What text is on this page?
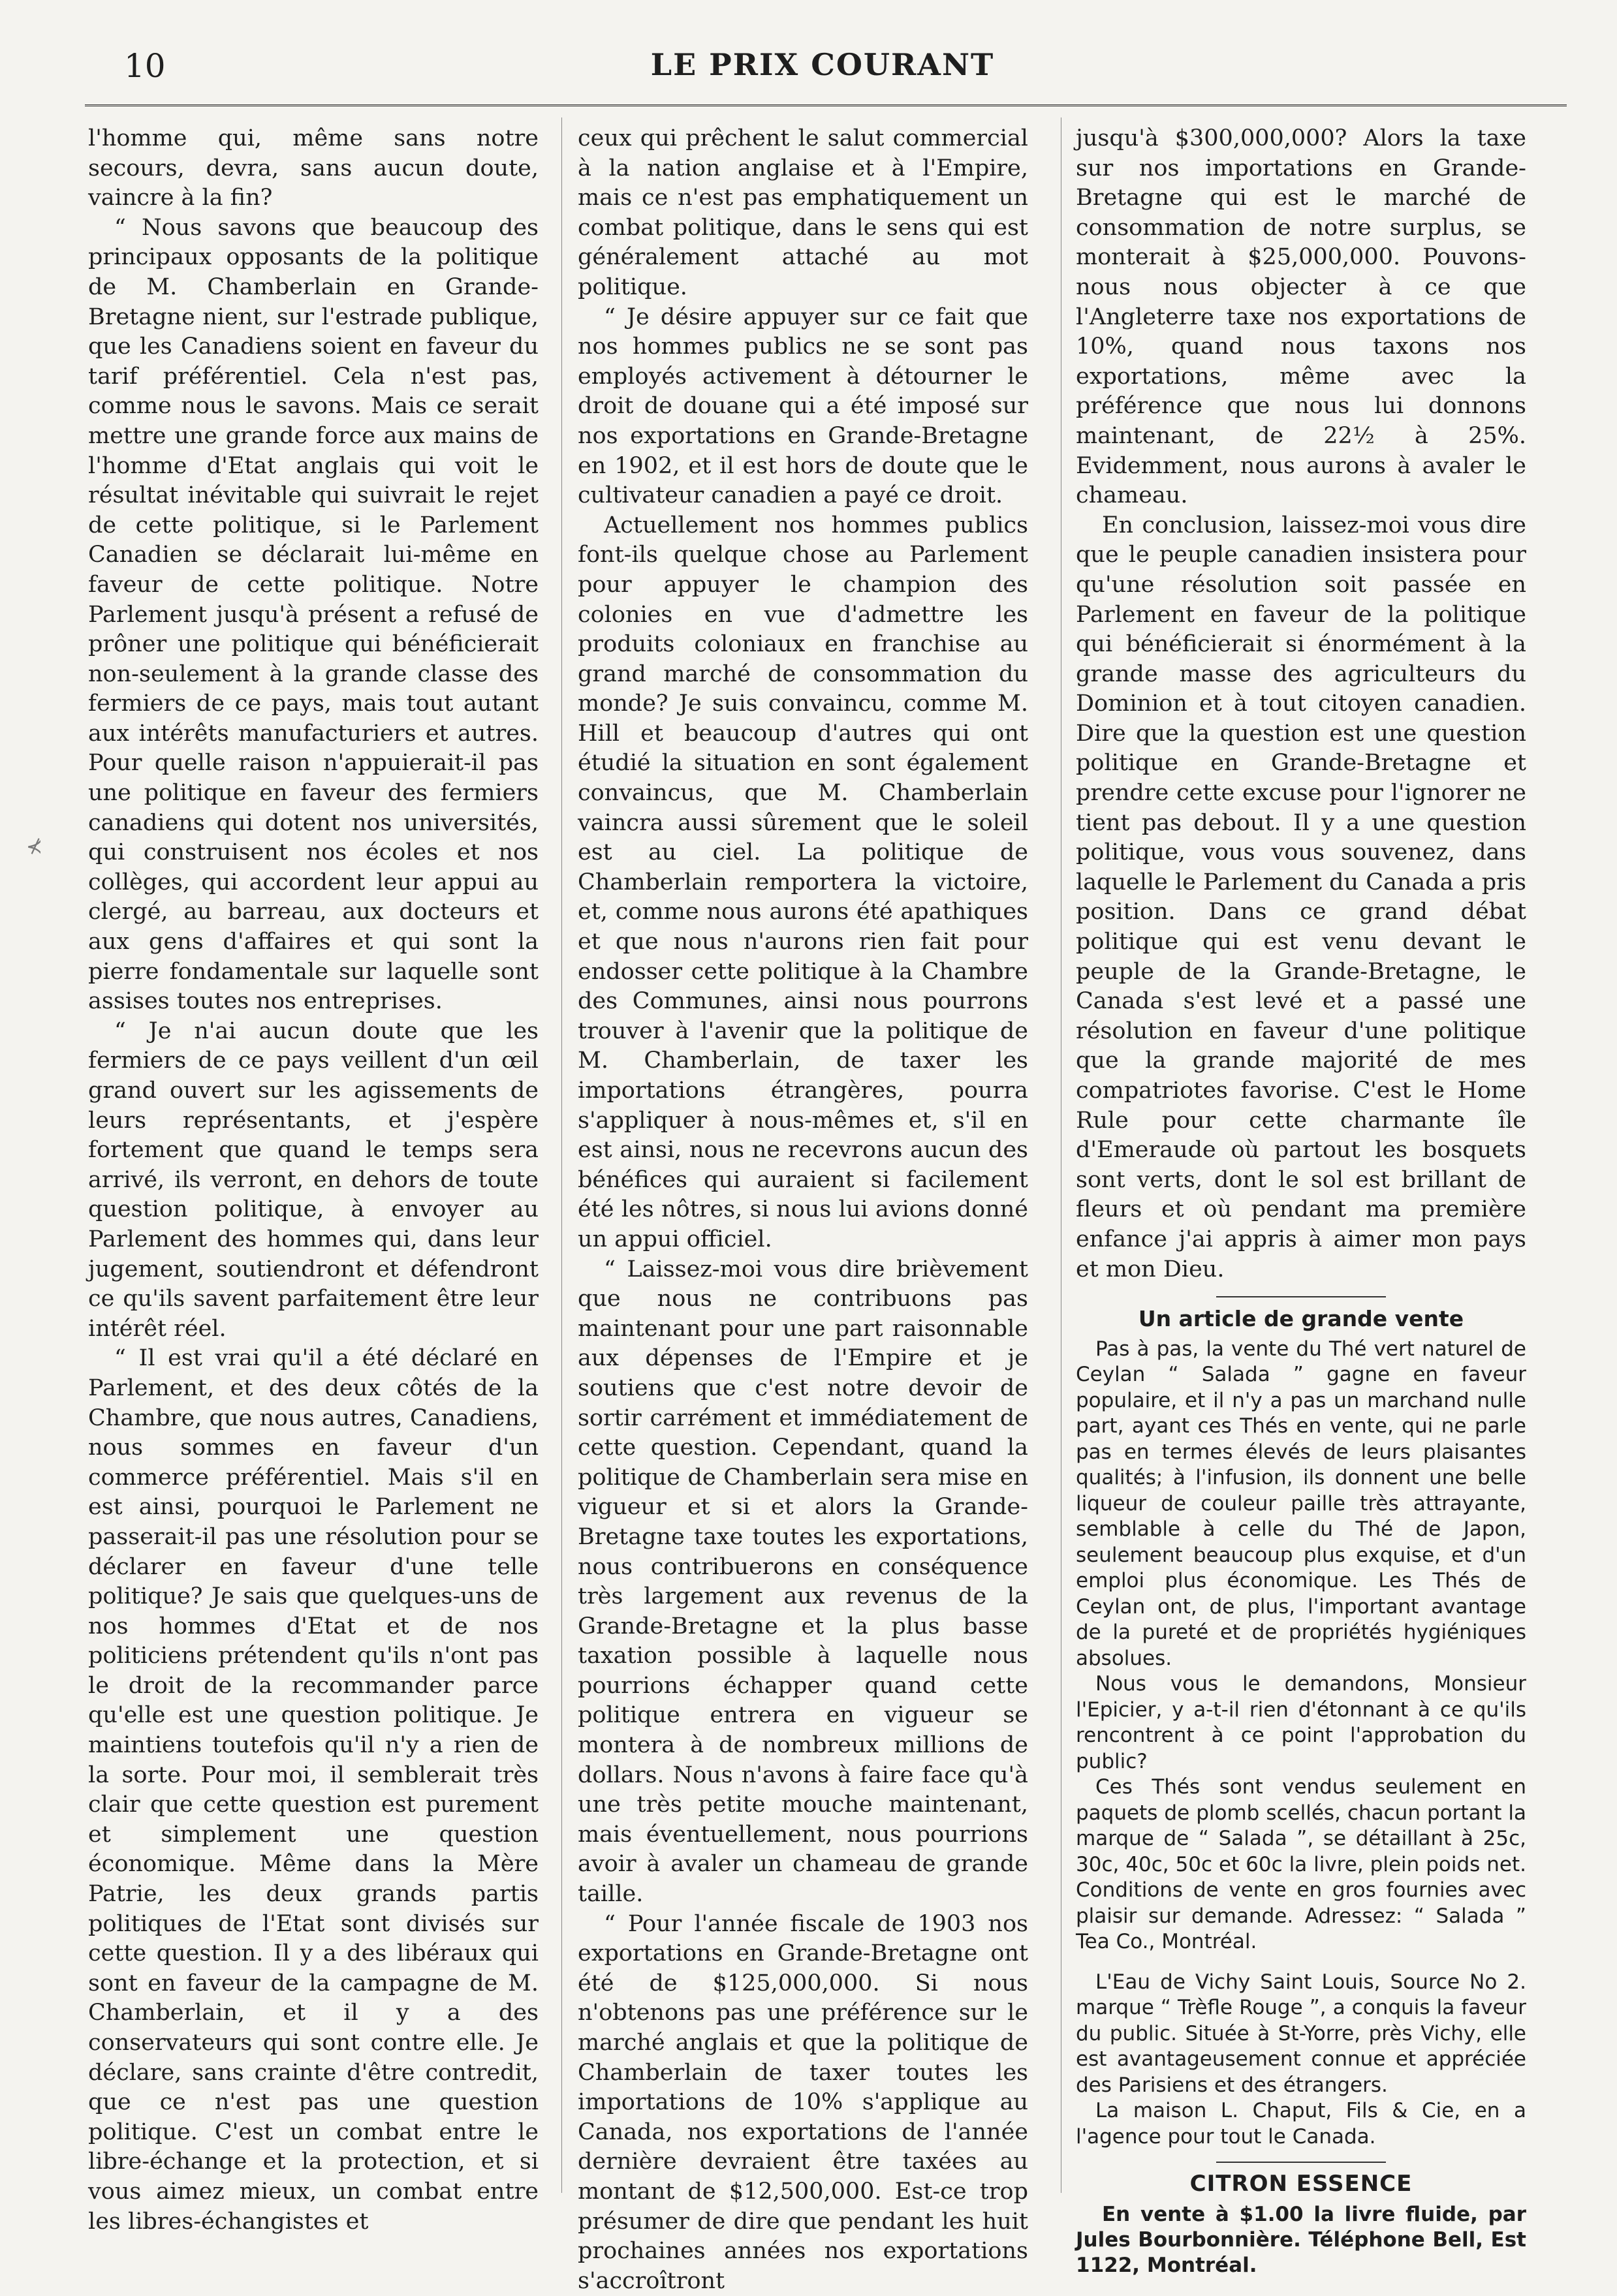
10	LE PRIX COURANT
⊀

l'homme qui, même sans notre secours, devra, sans aucun doute, vaincre à la fin?

“ Nous savons que beaucoup des principaux opposants de la politique de M. Chamberlain en Grande-Bretagne nient, sur l'estrade publique, que les Canadiens soient en faveur du tarif préférentiel. Cela n'est pas, comme nous le savons. Mais ce serait mettre une grande force aux mains de l'homme d'Etat anglais qui voit le résultat inévitable qui suivrait le rejet de cette politique, si le Parlement Canadien se déclarait lui-même en faveur de cette politique. Notre Parlement jusqu'à présent a refusé de prôner une politique qui bénéficierait non-seulement à la grande classe des fermiers de ce pays, mais tout autant aux intérêts manufacturiers et autres. Pour quelle raison n'appuierait-il pas une politique en faveur des fermiers canadiens qui dotent nos universités, qui construisent nos écoles et nos collèges, qui accordent leur appui au clergé, au barreau, aux docteurs et aux gens d'affaires et qui sont la pierre fondamentale sur laquelle sont assises toutes nos entreprises.

“ Je n'ai aucun doute que les fermiers de ce pays veillent d'un œil grand ouvert sur les agissements de leurs représentants, et j'espère fortement que quand le temps sera arrivé, ils verront, en dehors de toute question politique, à envoyer au Parlement des hommes qui, dans leur jugement, soutiendront et défendront ce qu'ils savent parfaitement être leur intérêt réel.

“ Il est vrai qu'il a été déclaré en Parlement, et des deux côtés de la Chambre, que nous autres, Canadiens, nous sommes en faveur d'un commerce préférentiel. Mais s'il en est ainsi, pourquoi le Parlement ne passerait-il pas une résolution pour se déclarer en faveur d'une telle politique? Je sais que quelques-uns de nos hommes d'Etat et de nos politiciens prétendent qu'ils n'ont pas le droit de la recommander parce qu'elle est une question politique. Je maintiens toutefois qu'il n'y a rien de la sorte. Pour moi, il semblerait très clair que cette question est purement et simplement une question économique. Même dans la Mère Patrie, les deux grands partis politiques de l'Etat sont divisés sur cette question. Il y a des libéraux qui sont en faveur de la campagne de M. Chamberlain, et il y a des conservateurs qui sont contre elle. Je déclare, sans crainte d'être contredit, que ce n'est pas une question politique. C'est un combat entre le libre-échange et la protection, et si vous aimez mieux, un combat entre les libres-échangistes et

ceux qui prêchent le salut commercial à la nation anglaise et à l'Empire, mais ce n'est pas emphatiquement un combat politique, dans le sens qui est généralement attaché au mot politique.

“ Je désire appuyer sur ce fait que nos hommes publics ne se sont pas employés activement à détourner le droit de douane qui a été imposé sur nos exportations en Grande-Bretagne en 1902, et il est hors de doute que le cultivateur canadien a payé ce droit.

Actuellement nos hommes publics font-ils quelque chose au Parlement pour appuyer le champion des colonies en vue d'admettre les produits coloniaux en franchise au grand marché de consommation du monde? Je suis convaincu, comme M. Hill et beaucoup d'autres qui ont étudié la situation en sont également convaincus, que M. Chamberlain vaincra aussi sûrement que le soleil est au ciel. La politique de Chamberlain remportera la victoire, et, comme nous aurons été apathiques et que nous n'aurons rien fait pour endosser cette politique à la Chambre des Communes, ainsi nous pourrons trouver à l'avenir que la politique de M. Chamberlain, de taxer les importations étrangères, pourra s'appliquer à nous-mêmes et, s'il en est ainsi, nous ne recevrons aucun des bénéfices qui auraient si facilement été les nôtres, si nous lui avions donné un appui officiel.

“ Laissez-moi vous dire brièvement que nous ne contribuons pas maintenant pour une part raisonnable aux dépenses de l'Empire et je soutiens que c'est notre devoir de sortir carrément et immédiatement de cette question. Cependant, quand la politique de Chamberlain sera mise en vigueur et si et alors la Grande-Bretagne taxe toutes les exportations, nous contribuerons en conséquence très largement aux revenus de la Grande-Bretagne et la plus basse taxation possible à laquelle nous pourrions échapper quand cette politique entrera en vigueur se montera à de nombreux millions de dollars. Nous n'avons à faire face qu'à une très petite mouche maintenant, mais éventuellement, nous pourrions avoir à avaler un chameau de grande taille.

“ Pour l'année fiscale de 1903 nos exportations en Grande-Bretagne ont été de $125,000,000. Si nous n'obtenons pas une préférence sur le marché anglais et que la politique de Chamberlain de taxer toutes les importations de 10% s'applique au Canada, nos exportations de l'année dernière devraient être taxées au montant de $12,500,000. Est-ce trop présumer de dire que pendant les huit prochaines années nos exportations s'accroîtront

jusqu'à $300,000,000? Alors la taxe sur nos importations en Grande-Bretagne qui est le marché de consommation de notre surplus, se monterait à $25,000,000. Pouvons-nous nous objecter à ce que l'Angleterre taxe nos exportations de 10%, quand nous taxons nos exportations, même avec la préférence que nous lui donnons maintenant, de 22½ à 25%. Evidemment, nous aurons à avaler le chameau.

En conclusion, laissez-moi vous dire que le peuple canadien insistera pour qu'une résolution soit passée en Parlement en faveur de la politique qui bénéficierait si énormément à la grande masse des agriculteurs du Dominion et à tout citoyen canadien. Dire que la question est une question politique en Grande-Bretagne et prendre cette excuse pour l'ignorer ne tient pas debout. Il y a une question politique, vous vous souvenez, dans laquelle le Parlement du Canada a pris position. Dans ce grand débat politique qui est venu devant le peuple de la Grande-Bretagne, le Canada s'est levé et a passé une résolution en faveur d'une politique que la grande majorité de mes compatriotes favorise. C'est le Home Rule pour cette charmante île d'Emeraude où partout les bosquets sont verts, dont le sol est brillant de fleurs et où pendant ma première enfance j'ai appris à aimer mon pays et mon Dieu.

Un article de grande vente

Pas à pas, la vente du Thé vert naturel de Ceylan “ Salada ” gagne en faveur populaire, et il n'y a pas un marchand nulle part, ayant ces Thés en vente, qui ne parle pas en termes élevés de leurs plaisantes qualités; à l'infusion, ils donnent une belle liqueur de couleur paille très attrayante, semblable à celle du Thé de Japon, seulement beaucoup plus exquise, et d'un emploi plus économique. Les Thés de Ceylan ont, de plus, l'important avantage de la pureté et de propriétés hygiéniques absolues.

Nous vous le demandons, Monsieur l'Epicier, y a-t-il rien d'étonnant à ce qu'ils rencontrent à ce point l'approbation du public?

Ces Thés sont vendus seulement en paquets de plomb scellés, chacun portant la marque de “ Salada ”, se détaillant à 25c, 30c, 40c, 50c et 60c la livre, plein poids net. Conditions de vente en gros fournies avec plaisir sur demande. Adressez: “ Salada ” Tea Co., Montréal.

L'Eau de Vichy Saint Louis, Source No 2. marque “ Trèfle Rouge ”, a conquis la faveur du public. Située à St-Yorre, près Vichy, elle est avantageusement connue et appréciée des Parisiens et des étrangers.

La maison L. Chaput, Fils & Cie, en a l'agence pour tout le Canada.

CITRON ESSENCE

En vente à $1.00 la livre fluide, par Jules Bourbonnière. Téléphone Bell, Est 1122, Montréal.
